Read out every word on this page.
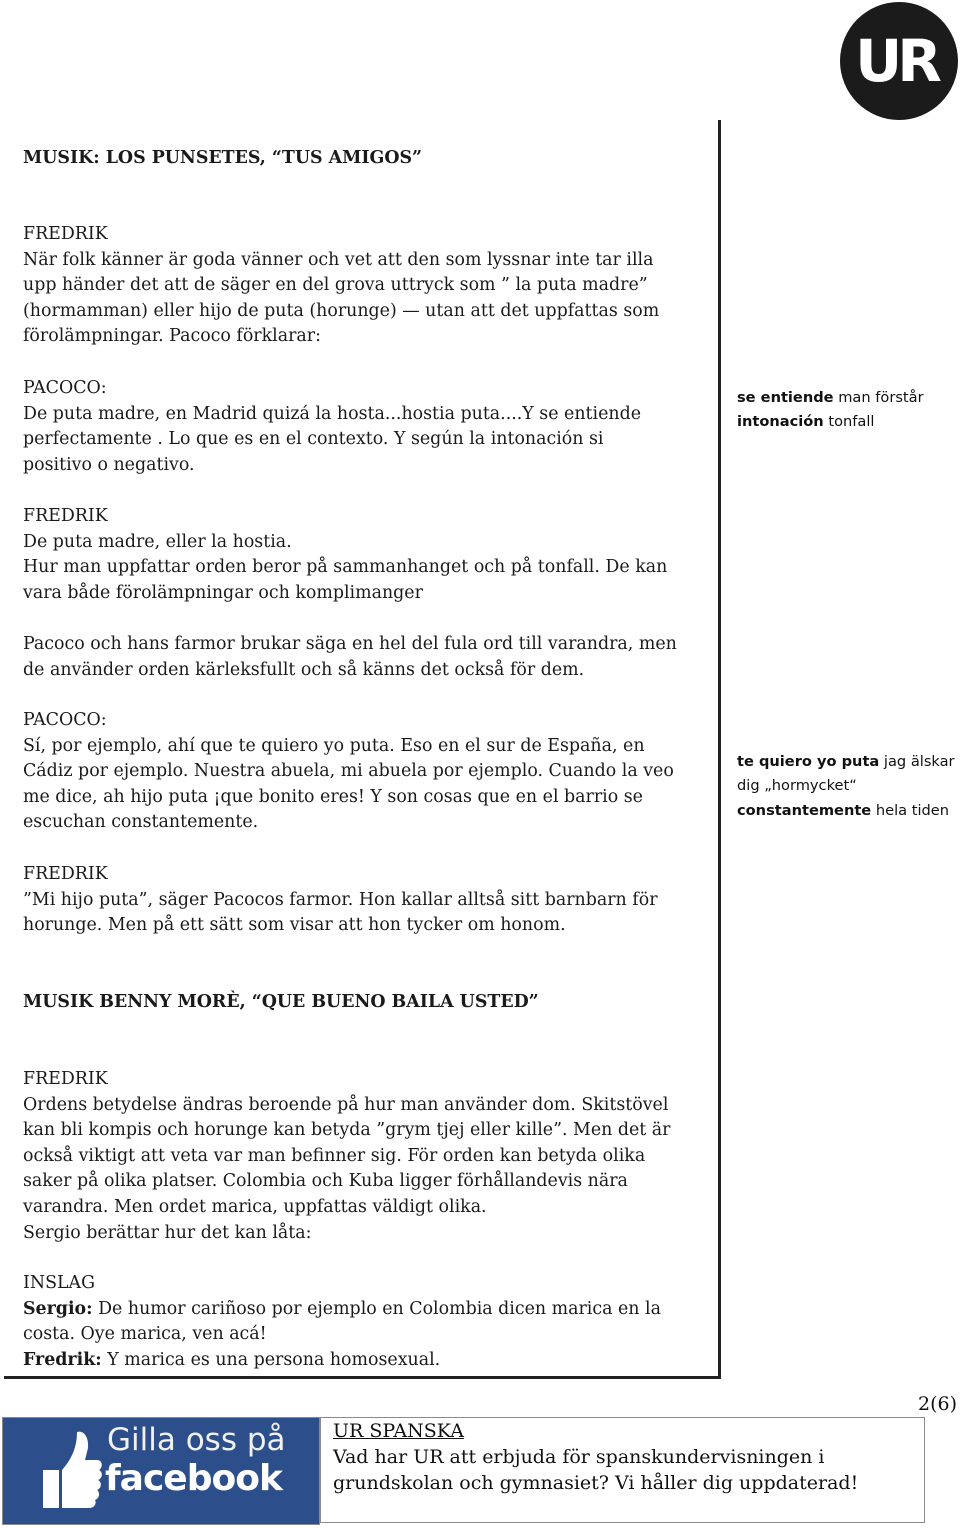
UR

MUSIK: LOS PUNSETES, “TUS AMIGOS”

FREDRIK

När folk känner är goda vänner och vet att den som lyssnar inte tar illa

upp händer det att de säger en del grova uttryck som ” la puta madre”

(hormamman) eller hijo de puta (horunge) — utan att det uppfattas som

förolämpningar. Pacoco förklarar:

PACOCO:

De puta madre, en Madrid quizá la hosta...hostia puta....Y se entiende

perfectamente . Lo que es en el contexto. Y según la intonación si

positivo o negativo.

se entiende man förstår

intonación tonfall

FREDRIK

De puta madre, eller la hostia.

Hur man uppfattar orden beror på sammanhanget och på tonfall. De kan

vara både förolämpningar och komplimanger

Pacoco och hans farmor brukar säga en hel del fula ord till varandra, men

de använder orden kärleksfullt och så känns det också för dem.

PACOCO:

Sí, por ejemplo, ahí que te quiero yo puta. Eso en el sur de España, en

Cádiz por ejemplo. Nuestra abuela, mi abuela por ejemplo. Cuando la veo

me dice, ah hijo puta ¡que bonito eres! Y son cosas que en el barrio se

escuchan constantemente.

te quiero yo puta jag älskar

dig „hormycket“

constantemente hela tiden

FREDRIK

”Mi hijo puta”, säger Pacocos farmor. Hon kallar alltså sitt barnbarn för

horunge. Men på ett sätt som visar att hon tycker om honom.

MUSIK BENNY MORÈ, “QUE BUENO BAILA USTED”

FREDRIK

Ordens betydelse ändras beroende på hur man använder dom. Skitstövel

kan bli kompis och horunge kan betyda ”grym tjej eller kille”. Men det är

också viktigt att veta var man befinner sig. För orden kan betyda olika

saker på olika platser. Colombia och Kuba ligger förhållandevis nära

varandra. Men ordet marica, uppfattas väldigt olika.

Sergio berättar hur det kan låta:

INSLAG

Sergio: De humor cariñoso por ejemplo en Colombia dicen marica en la

costa. Oye marica, ven acá!

Fredrik: Y marica es una persona homosexual.

2(6)
Gilla oss på
facebook
UR SPANSKA
Vad har UR att erbjuda för spanskundervisningen i
grundskolan och gymnasiet? Vi håller dig uppdaterad!
